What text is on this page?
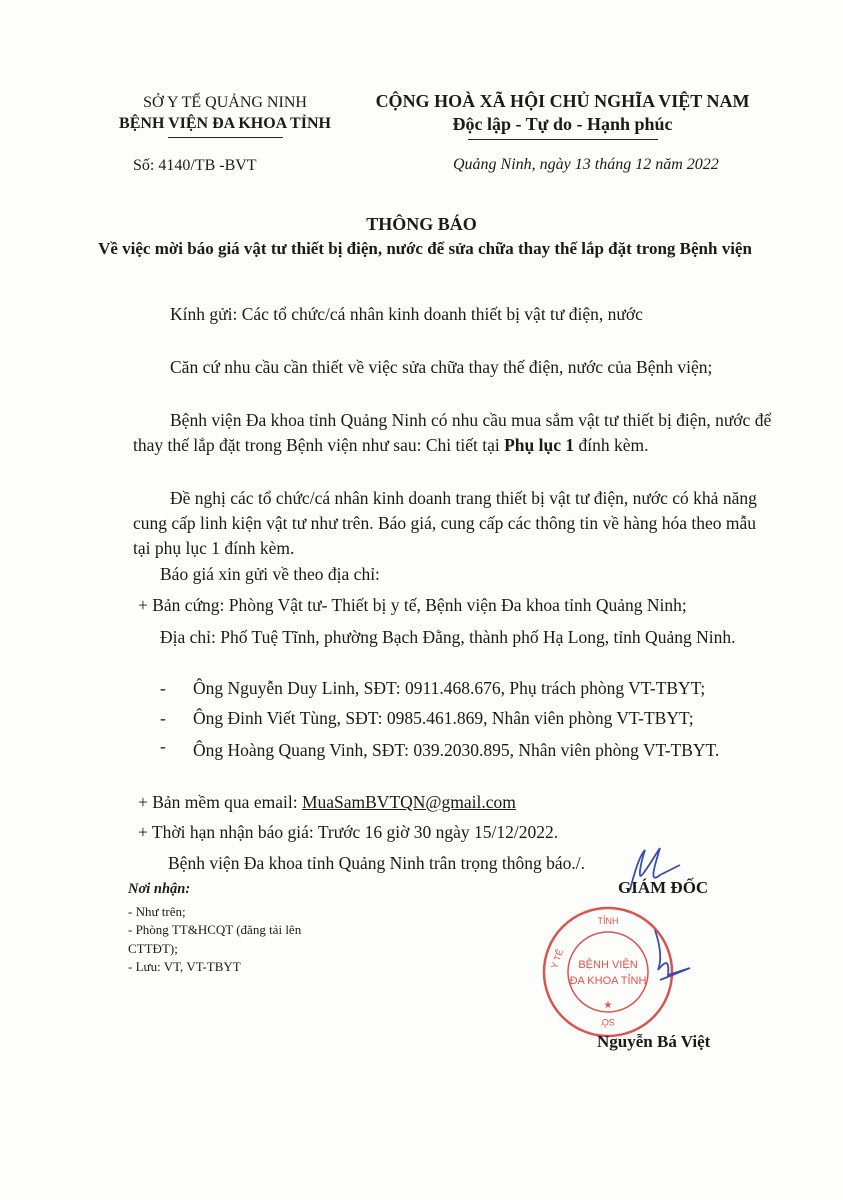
SỞ Y TẾ QUẢNG NINH
BỆNH VIỆN ĐA KHOA TỈNH
CỘNG HOÀ XÃ HỘI CHỦ NGHĨA VIỆT NAM
Độc lập - Tự do - Hạnh phúc
Số: 4140/TB -BVT	Quảng Ninh, ngày 13 tháng 12 năm 2022
THÔNG BÁO
Về việc mời báo giá vật tư thiết bị điện, nước để sửa chữa thay thế lắp đặt trong Bệnh viện
Kính gửi: Các tổ chức/cá nhân kinh doanh thiết bị vật tư điện, nước
Căn cứ nhu cầu cần thiết về việc sửa chữa thay thế điện, nước của Bệnh viện;
Bệnh viện Đa khoa tỉnh Quảng Ninh có nhu cầu mua sắm vật tư thiết bị điện, nước để thay thế lắp đặt trong Bệnh viện như sau: Chi tiết tại Phụ lục 1 đính kèm.
Đề nghị các tổ chức/cá nhân kinh doanh trang thiết bị vật tư điện, nước có khả năng cung cấp linh kiện vật tư như trên. Báo giá, cung cấp các thông tin về hàng hóa theo mẫu tại phụ lục 1 đính kèm.
Báo giá xin gửi về theo địa chỉ:
+ Bản cứng: Phòng Vật tư- Thiết bị y tế, Bệnh viện Đa khoa tỉnh Quảng Ninh;
Địa chỉ: Phố Tuệ Tĩnh, phường Bạch Đằng, thành phố Hạ Long, tỉnh Quảng Ninh.
- Ông Nguyễn Duy Linh, SĐT: 0911.468.676, Phụ trách phòng VT-TBYT;
- Ông Đinh Viết Tùng, SĐT: 0985.461.869, Nhân viên phòng VT-TBYT;
- Ông Hoàng Quang Vinh, SĐT: 039.2030.895, Nhân viên phòng VT-TBYT.
+ Bản mềm qua email: MuaSamBVTQN@gmail.com
+ Thời hạn nhận báo giá: Trước 16 giờ 30 ngày 15/12/2022.
Bệnh viện Đa khoa tỉnh Quảng Ninh trân trọng thông báo./.
Nơi nhận:
- Như trên;
- Phòng TT&HCQT (đăng tải lên CTTĐT);
- Lưu: VT, VT-TBYT
GIÁM ĐỐC
TỈNH
Y TẾ
SỞ
BỆNH VIỆN
ĐA KHOA TỈNH
★
Nguyễn Bá Việt
